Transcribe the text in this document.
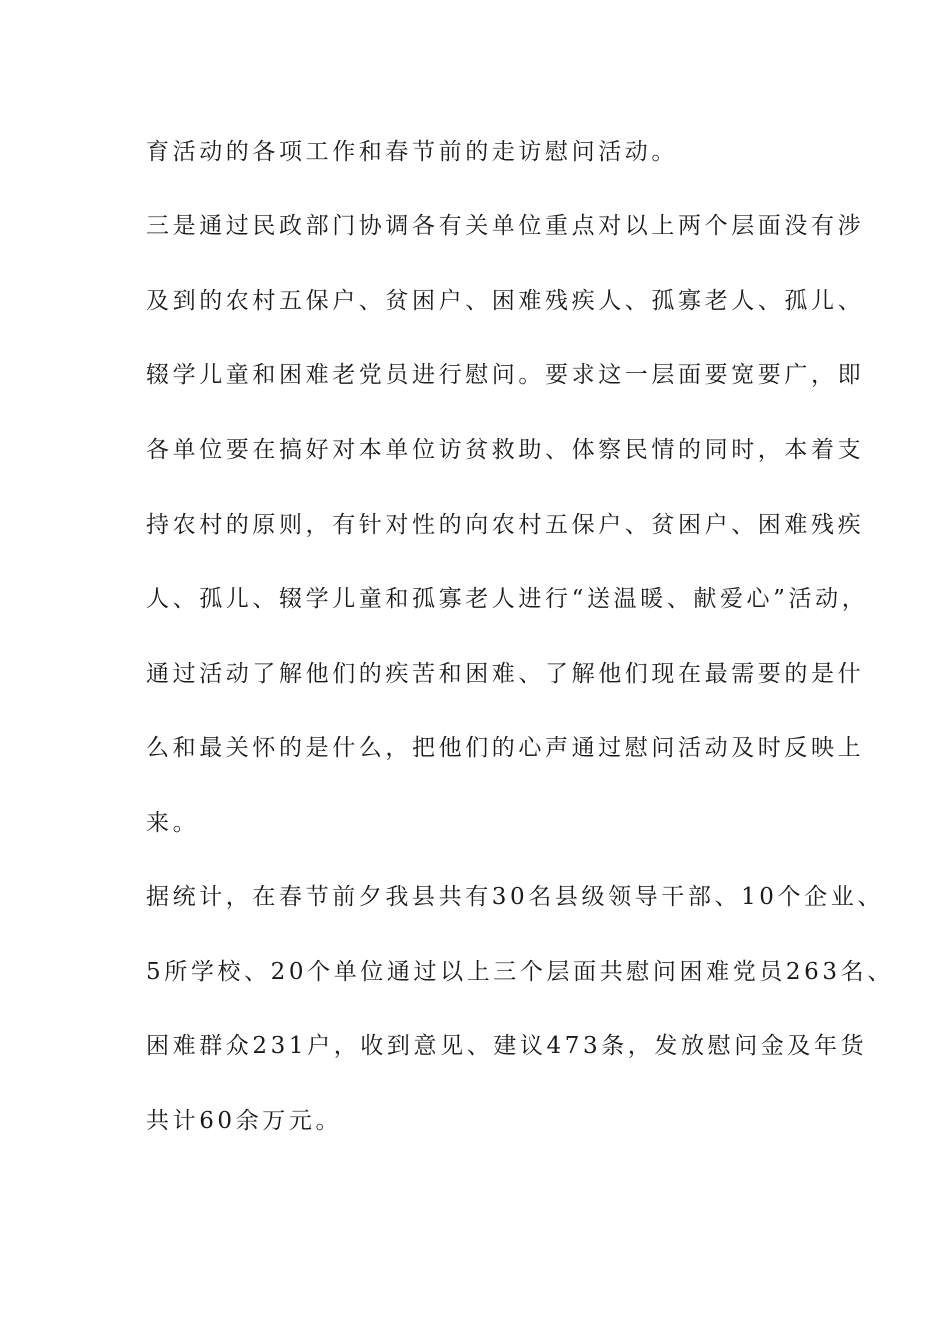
育活动的各项工作和春节前的走访慰问活动。
三是通过民政部门协调各有关单位重点对以上两个层面没有涉
及到的农村五保户、贫困户、困难残疾人、孤寡老人、孤儿、
辍学儿童和困难老党员进行慰问。要求这一层面要宽要广，即
各单位要在搞好对本单位访贫救助、体察民情的同时，本着支
持农村的原则，有针对性的向农村五保户、贫困户、困难残疾
人、孤儿、辍学儿童和孤寡老人进行“送温暖、献爱心”活动，
通过活动了解他们的疾苦和困难、了解他们现在最需要的是什
么和最关怀的是什么，把他们的心声通过慰问活动及时反映上
来。
据统计，在春节前夕我县共有30名县级领导干部、10个企业、
5所学校、20个单位通过以上三个层面共慰问困难党员263名、
困难群众231户，收到意见、建议473条，发放慰问金及年货
共计60余万元。
